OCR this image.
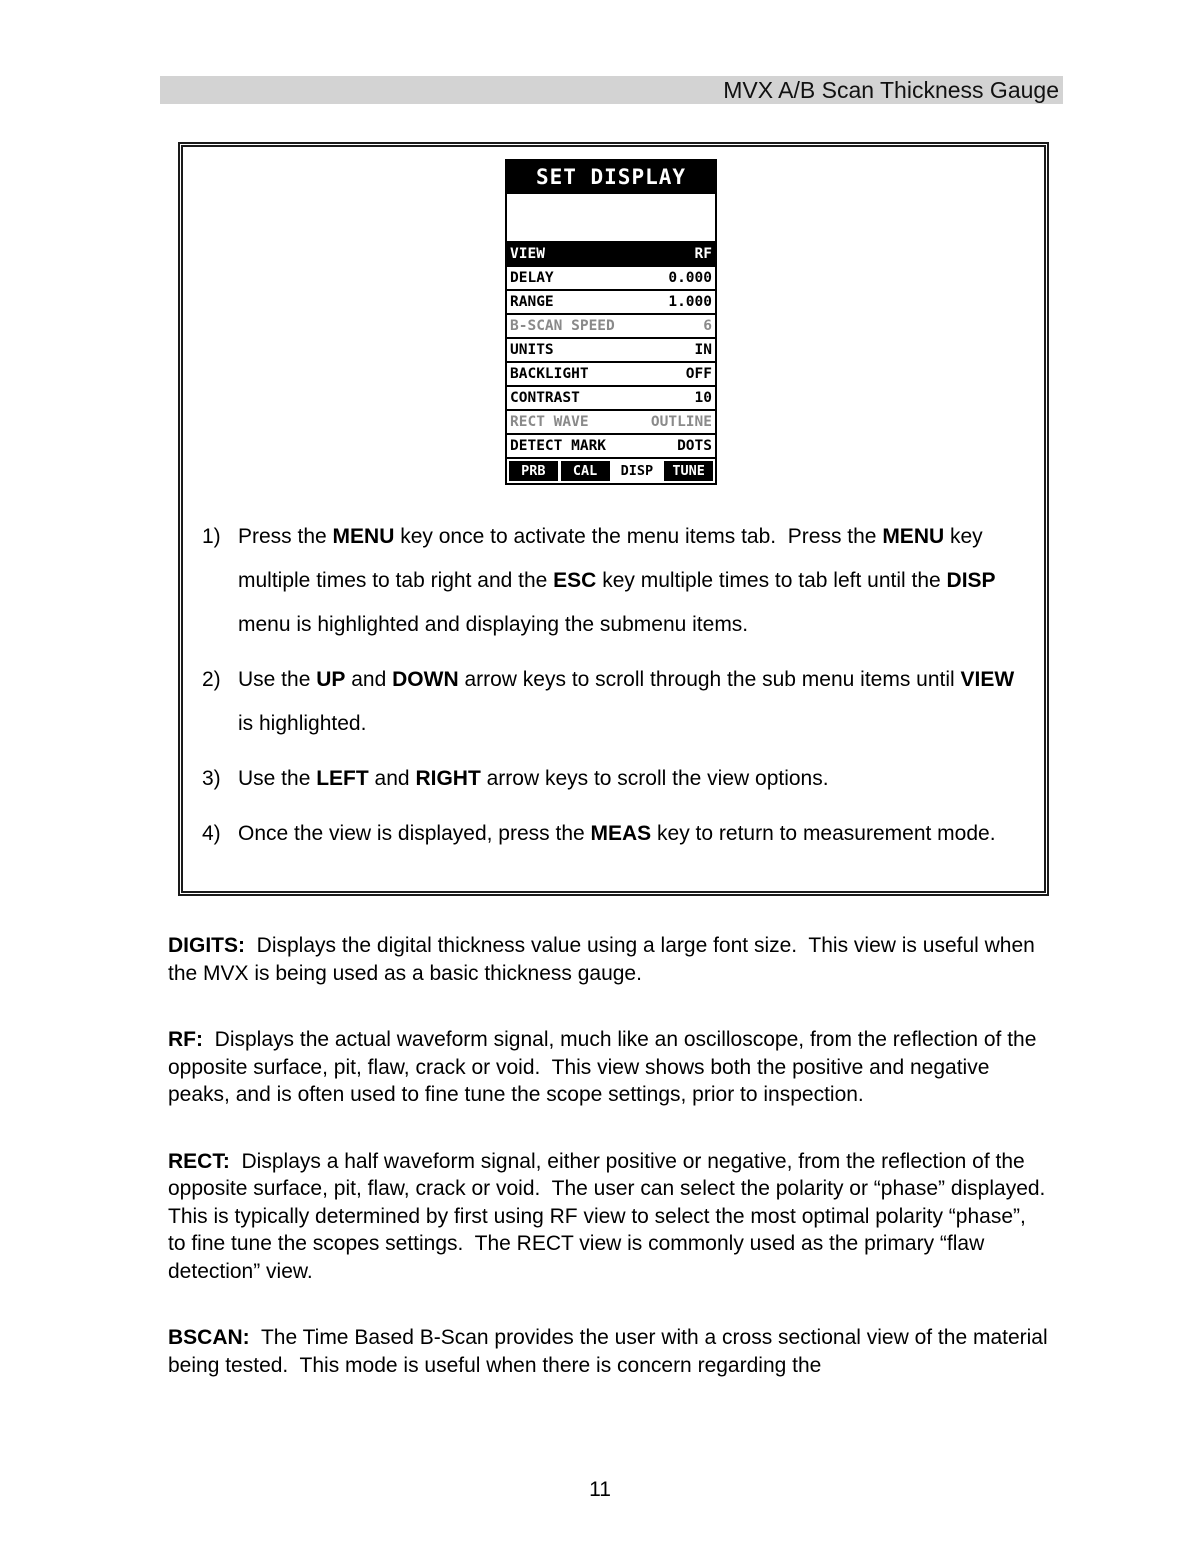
MVX A/B Scan Thickness Gauge
SET DISPLAY
VIEW	RF
DELAY	0.000
RANGE	1.000
B-SCAN SPEED	6
UNITS	IN
BACKLIGHT	OFF
CONTRAST	10
RECT WAVE	OUTLINE
DETECT MARK	DOTS
PRB	CAL	DISP	TUNE
1) Press the MENU key once to activate the menu items tab.  Press the MENU key multiple times to tab right and the ESC key multiple times to tab left until the DISP menu is highlighted and displaying the submenu items.
2) Use the UP and DOWN arrow keys to scroll through the sub menu items until VIEW is highlighted.
3) Use the LEFT and RIGHT arrow keys to scroll the view options.
4) Once the view is displayed, press the MEAS key to return to measurement mode.

DIGITS:  Displays the digital thickness value using a large font size.  This view is useful when the MVX is being used as a basic thickness gauge.

RF:  Displays the actual waveform signal, much like an oscilloscope, from the reflection of the opposite surface, pit, flaw, crack or void.  This view shows both the positive and negative peaks, and is often used to fine tune the scope settings, prior to inspection.

RECT:  Displays a half waveform signal, either positive or negative, from the reflection of the opposite surface, pit, flaw, crack or void.  The user can select the polarity or “phase” displayed.  This is typically determined by first using RF view to select the most optimal polarity “phase”, to fine tune the scopes settings.  The RECT view is commonly used as the primary “flaw detection” view.

BSCAN:  The Time Based B-Scan provides the user with a cross sectional view of the material being tested.  This mode is useful when there is concern regarding the

11
